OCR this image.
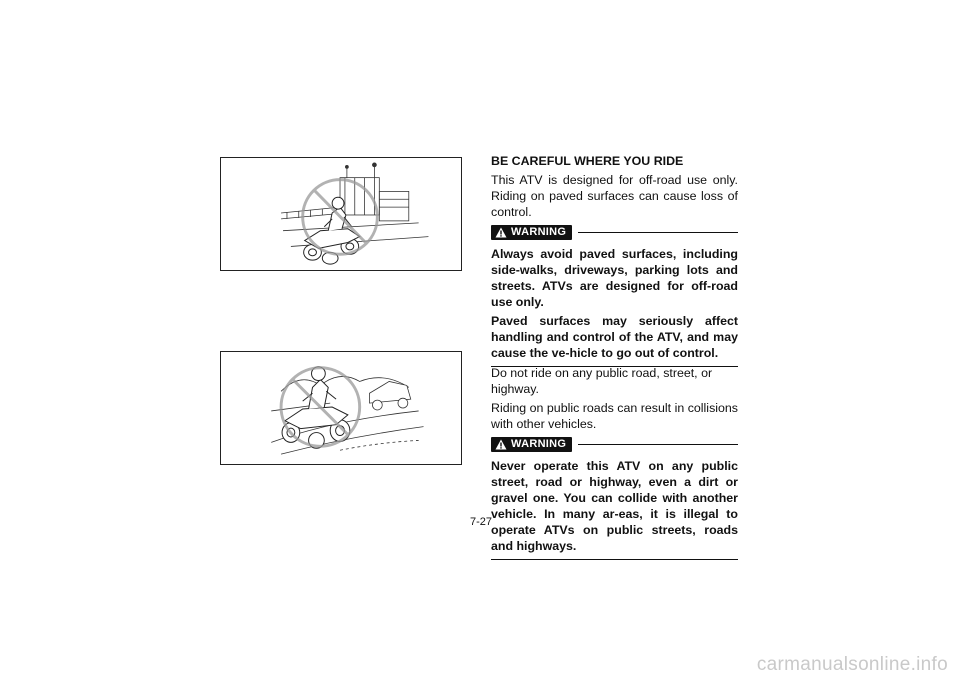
BE CAREFUL WHERE YOU RIDE
This ATV is designed for off-road use only. Riding on paved surfaces can cause loss of control.
WARNING
Always avoid paved surfaces, including side-walks, driveways, parking lots and streets. ATVs are designed for off-road use only.
Paved surfaces may seriously affect handling and control of the ATV, and may cause the ve-hicle to go out of control.
Do not ride on any public road, street, or highway.
Riding on public roads can result in collisions with other vehicles.
WARNING
Never operate this ATV on any public street, road or highway, even a dirt or gravel one. You can collide with another vehicle. In many ar-eas, it is illegal to operate ATVs on public streets, roads and highways.
7-27
carmanualsonline.info
